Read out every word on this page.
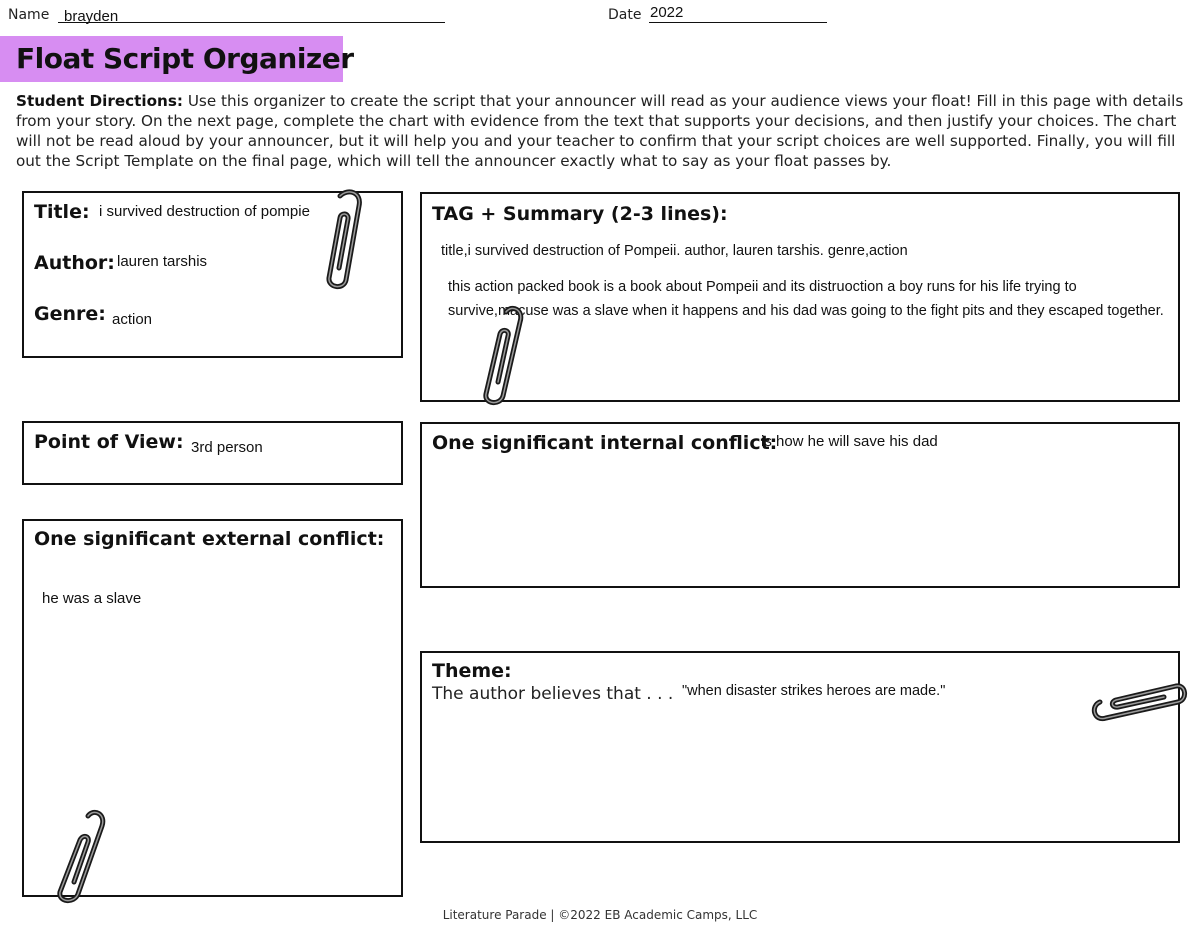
Name brayden	Date 2022
Float Script Organizer
Student Directions: Use this organizer to create the script that your announcer will read as your audience views your float! Fill in this page with details from your story. On the next page, complete the chart with evidence from the text that supports your decisions, and then justify your choices. The chart will not be read aloud by your announcer, but it will help you and your teacher to confirm that your script choices are well supported. Finally, you will fill out the Script Template on the final page, which will tell the announcer exactly what to say as your float passes by.
Title: i survived destruction of pompie
Author: lauren tarshis
Genre: action
TAG + Summary (2-3 lines):
title,i survived destruction of Pompeii. author, lauren tarshis. genre,action
this action packed book is a book about Pompeii and its distruoction a boy runs for his life trying to survive,macuse was a slave when it happens and his dad was going to the fight pits and they escaped together.
Point of View: 3rd person	One significant internal conflict:
is how he will save his dad
One significant external conflict:
he was a slave
Theme:
The author believes that . . . "when disaster strikes heroes are made."
Literature Parade | ©2022 EB Academic Camps, LLC
